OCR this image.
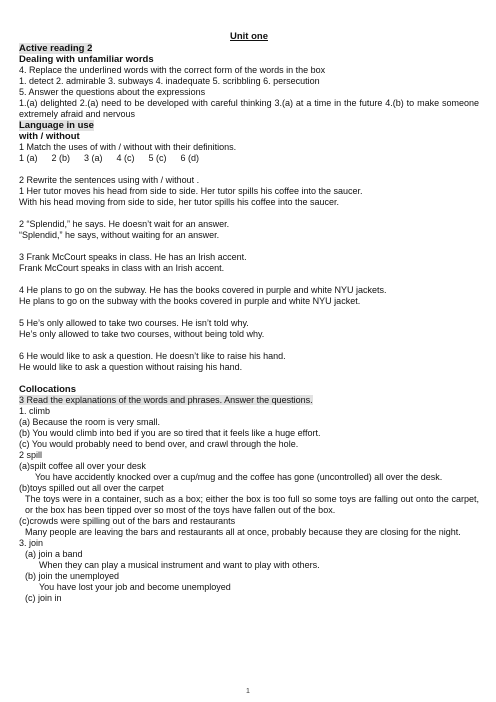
Unit one
Active reading 2
Dealing with unfamiliar words
4. Replace the underlined words with the correct form of the words in the box
1. detect 2. admirable 3. subways 4. inadequate 5. scribbling 6. persecution
5. Answer the questions about the expressions
1.(a) delighted 2.(a) need to be developed with careful thinking 3.(a) at a time in the future 4.(b) to make someone extremely afraid and nervous
Language in use
with / without
1 Match the uses of with / without with their definitions.
1 (a) 2 (b) 3 (a) 4 (c) 5 (c) 6 (d)
2 Rewrite the sentences using with / without .
1 Her tutor moves his head from side to side. Her tutor spills his coffee into the saucer.
With his head moving from side to side, her tutor spills his coffee into the saucer.
2 “Splendid,” he says. He doesn’t wait for an answer.
“Splendid,” he says, without waiting for an answer.
3 Frank McCourt speaks in class. He has an Irish accent.
Frank McCourt speaks in class with an Irish accent.
4 He plans to go on the subway. He has the books covered in purple and white NYU jackets.
He plans to go on the subway with the books covered in purple and white NYU jacket.
5 He’s only allowed to take two courses. He isn’t told why.
He’s only allowed to take two courses, without being told why.
6 He would like to ask a question. He doesn’t like to raise his hand.
He would like to ask a question without raising his hand.
Collocations
3 Read the explanations of the words and phrases. Answer the questions.
1. climb
(a) Because the room is very small.
(b) You would climb into bed if you are so tired that it feels like a huge effort.
(c) You would probably need to bend over, and crawl through the hole.
2 spill
(a)spilt coffee all over your desk
You have accidently knocked over a cup/mug and the coffee has gone (uncontrolled) all over the desk.
(b)toys spilled out all over the carpet
The toys were in a container, such as a box; either the box is too full so some toys are falling out onto the carpet, or the box has been tipped over so most of the toys have fallen out of the box.
(c)crowds were spilling out of the bars and restaurants
Many people are leaving the bars and restaurants all at once, probably because they are closing for the night.
3. join
(a) join a band
When they can play a musical instrument and want to play with others.
(b) join the unemployed
You have lost your job and become unemployed
(c) join in
1
